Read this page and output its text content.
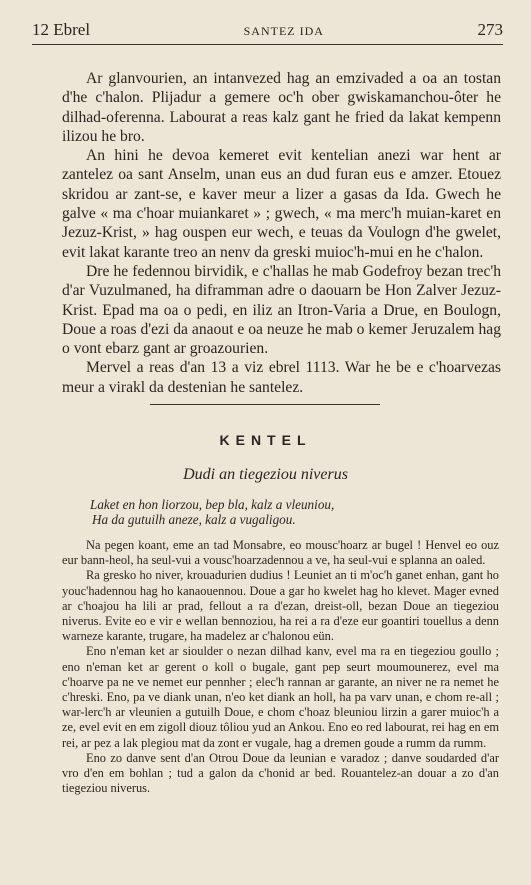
12 Ebrel	SANTEZ IDA	273

Ar glanvourien, an intanvezed hag an emzivaded a oa an tostan d'he c'halon. Plijadur a gemere oc'h ober gwiskamanchou-ôter he dilhad-oferenna. Labourat a reas kalz gant he fried da lakat kempenn ilizou he bro.

An hini he devoa kemeret evit kentelian anezi war hent ar zantelez oa sant Anselm, unan eus an dud furan eus e amzer. Etouez skridou ar zant-se, e kaver meur a lizer a gasas da Ida. Gwech he galve « ma c'hoar muiankaret » ; gwech, « ma merc'h muian-karet en Jezuz-Krist, » hag ouspen eur wech, e teuas da Voulogn d'he gwelet, evit lakat karante treo an nenv da greski muioc'h-mui en he c'halon.

Dre he fedennou birvidik, e c'hallas he mab Godefroy bezan trec'h d'ar Vuzulmaned, ha diframman adre o daouarn be Hon Zalver Jezuz-Krist. Epad ma oa o pedi, en iliz an Itron-Varia a Drue, en Boulogn, Doue a roas d'ezi da anaout e oa neuze he mab o kemer Jeruzalem hag o vont ebarz gant ar groazourien.

Mervel a reas d'an 13 a viz ebrel 1113. War he be e c'hoarvezas meur a virakl da destenian he santelez.

KENTEL
Dudi an tiegeziou niverus
Laket en hon liorzou, bep bla, kalz a vleuniou,
Ha da gutuilh aneze, kalz a vugaligou.

Na pegen koant, eme an tad Monsabre, eo mousc'hoarz ar bugel ! Henvel eo ouz eur bann-heol, ha seul-vui a vousc'hoarzadennou a ve, ha seul-vui e splanna an oaled.

Ra gresko ho niver, krouadurien dudius ! Leuniet an ti m'oc'h ganet enhan, gant ho youc'hadennou hag ho kanaouennou. Doue a gar ho kwelet hag ho klevet. Mager evned ar c'hoajou ha lili ar prad, fellout a ra d'ezan, dreist-oll, bezan Doue an tiegeziou niverus. Evite eo e vir e wellan bennoziou, ha rei a ra d'eze eur goantiri touellus a denn warneze karante, trugare, ha madelez ar c'halonou eün.

Eno n'eman ket ar sioulder o nezan dilhad kanv, evel ma ra en tiegeziou goullo ; eno n'eman ket ar gerent o koll o bugale, gant pep seurt moumounerez, evel ma c'hoarve pa ne ve nemet eur pennher ; elec'h rannan ar garante, an niver ne ra nemet he c'hreski. Eno, pa ve diank unan, n'eo ket diank an holl, ha pa varv unan, e chom re-all ; war-lerc'h ar vleunien a gutuilh Doue, e chom c'hoaz bleuniou lirzin a garer muioc'h a ze, evel evit en em zigoll diouz tôliou yud an Ankou. Eno eo red labourat, rei hag en em rei, ar pez a lak plegiou mat da zont er vugale, hag a dremen goude a rumm da rumm.

Eno zo danve sent d'an Otrou Doue da leunian e varadoz ; danve soudarded d'ar vro d'en em bohlan ; tud a galon da c'honid ar bed. Rouantelez-an douar a zo d'an tiegeziou niverus.
